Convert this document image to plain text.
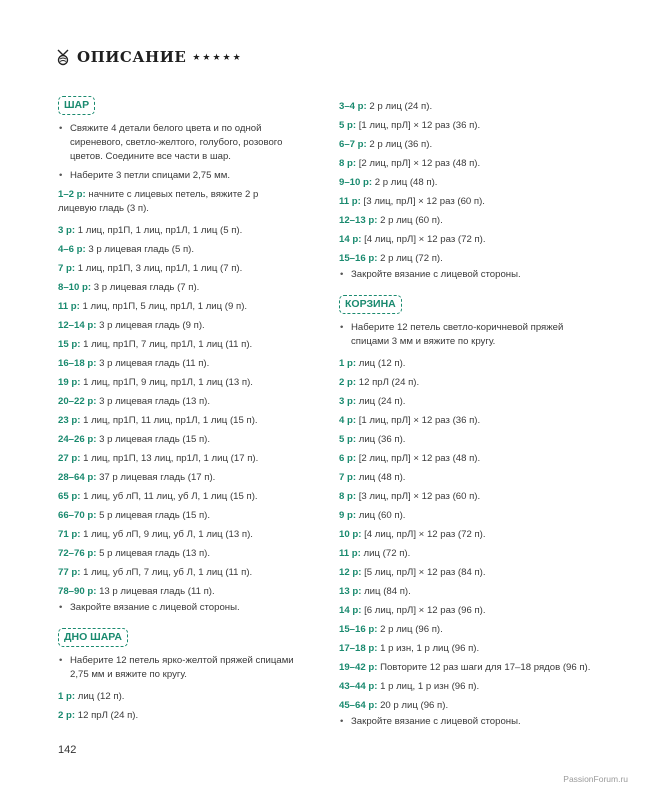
ОПИСАНИЕ ★★★★★
ШАР
• Свяжите 4 детали белого цвета и по одной сиреневого, светло-желтого, голубого, розового цветов. Соедините все части в шар.
• Наберите 3 петли спицами 2,75 мм.
1–2 р: начните с лицевых петель, вяжите 2 р лицевую гладь (3 п).
3 р: 1 лиц, пр1П, 1 лиц, пр1Л, 1 лиц (5 п).
4–6 р: 3 р лицевая гладь (5 п).
7 р: 1 лиц, пр1П, 3 лиц, пр1Л, 1 лиц (7 п).
8–10 р: 3 р лицевая гладь (7 п).
11 р: 1 лиц, пр1П, 5 лиц, пр1Л, 1 лиц (9 п).
12–14 р: 3 р лицевая гладь (9 п).
15 р: 1 лиц, пр1П, 7 лиц, пр1Л, 1 лиц (11 п).
16–18 р: 3 р лицевая гладь (11 п).
19 р: 1 лиц, пр1П, 9 лиц, пр1Л, 1 лиц (13 п).
20–22 р: 3 р лицевая гладь (13 п).
23 р: 1 лиц, пр1П, 11 лиц, пр1Л, 1 лиц (15 п).
24–26 р: 3 р лицевая гладь (15 п).
27 р: 1 лиц, пр1П, 13 лиц, пр1Л, 1 лиц (17 п).
28–64 р: 37 р лицевая гладь (17 п).
65 р: 1 лиц, уб лП, 11 лиц, уб Л, 1 лиц (15 п).
66–70 р: 5 р лицевая гладь (15 п).
71 р: 1 лиц, уб лП, 9 лиц, уб Л, 1 лиц (13 п).
72–76 р: 5 р лицевая гладь (13 п).
77 р: 1 лиц, уб лП, 7 лиц, уб Л, 1 лиц (11 п).
78–90 р: 13 р лицевая гладь (11 п).
• Закройте вязание с лицевой стороны.
ДНО ШАРА
• Наберите 12 петель ярко-желтой пряжей спицами 2,75 мм и вяжите по кругу.
1 р: лиц (12 п).
2 р: 12 прЛ (24 п).
3–4 р: 2 р лиц (24 п).
5 р: [1 лиц, прЛ] × 12 раз (36 п).
6–7 р: 2 р лиц (36 п).
8 р: [2 лиц, прЛ] × 12 раз (48 п).
9–10 р: 2 р лиц (48 п).
11 р: [3 лиц, прЛ] × 12 раз (60 п).
12–13 р: 2 р лиц (60 п).
14 р: [4 лиц, прЛ] × 12 раз (72 п).
15–16 р: 2 р лиц (72 п).
• Закройте вязание с лицевой стороны.
КОРЗИНА
• Наберите 12 петель светло-коричневой пряжей спицами 3 мм и вяжите по кругу.
1 р: лиц (12 п).
2 р: 12 прЛ (24 п).
3 р: лиц (24 п).
4 р: [1 лиц, прЛ] × 12 раз (36 п).
5 р: лиц (36 п).
6 р: [2 лиц, прЛ] × 12 раз (48 п).
7 р: лиц (48 п).
8 р: [3 лиц, прЛ] × 12 раз (60 п).
9 р: лиц (60 п).
10 р: [4 лиц, прЛ] × 12 раз (72 п).
11 р: лиц (72 п).
12 р: [5 лиц, прЛ] × 12 раз (84 п).
13 р: лиц (84 п).
14 р: [6 лиц, прЛ] × 12 раз (96 п).
15–16 р: 2 р лиц (96 п).
17–18 р: 1 р изн, 1 р лиц (96 п).
19–42 р: Повторите 12 раз шаги для 17–18 рядов (96 п).
43–44 р: 1 р лиц, 1 р изн (96 п).
45–64 р: 20 р лиц (96 п).
• Закройте вязание с лицевой стороны.
142
PassionForum.ru
